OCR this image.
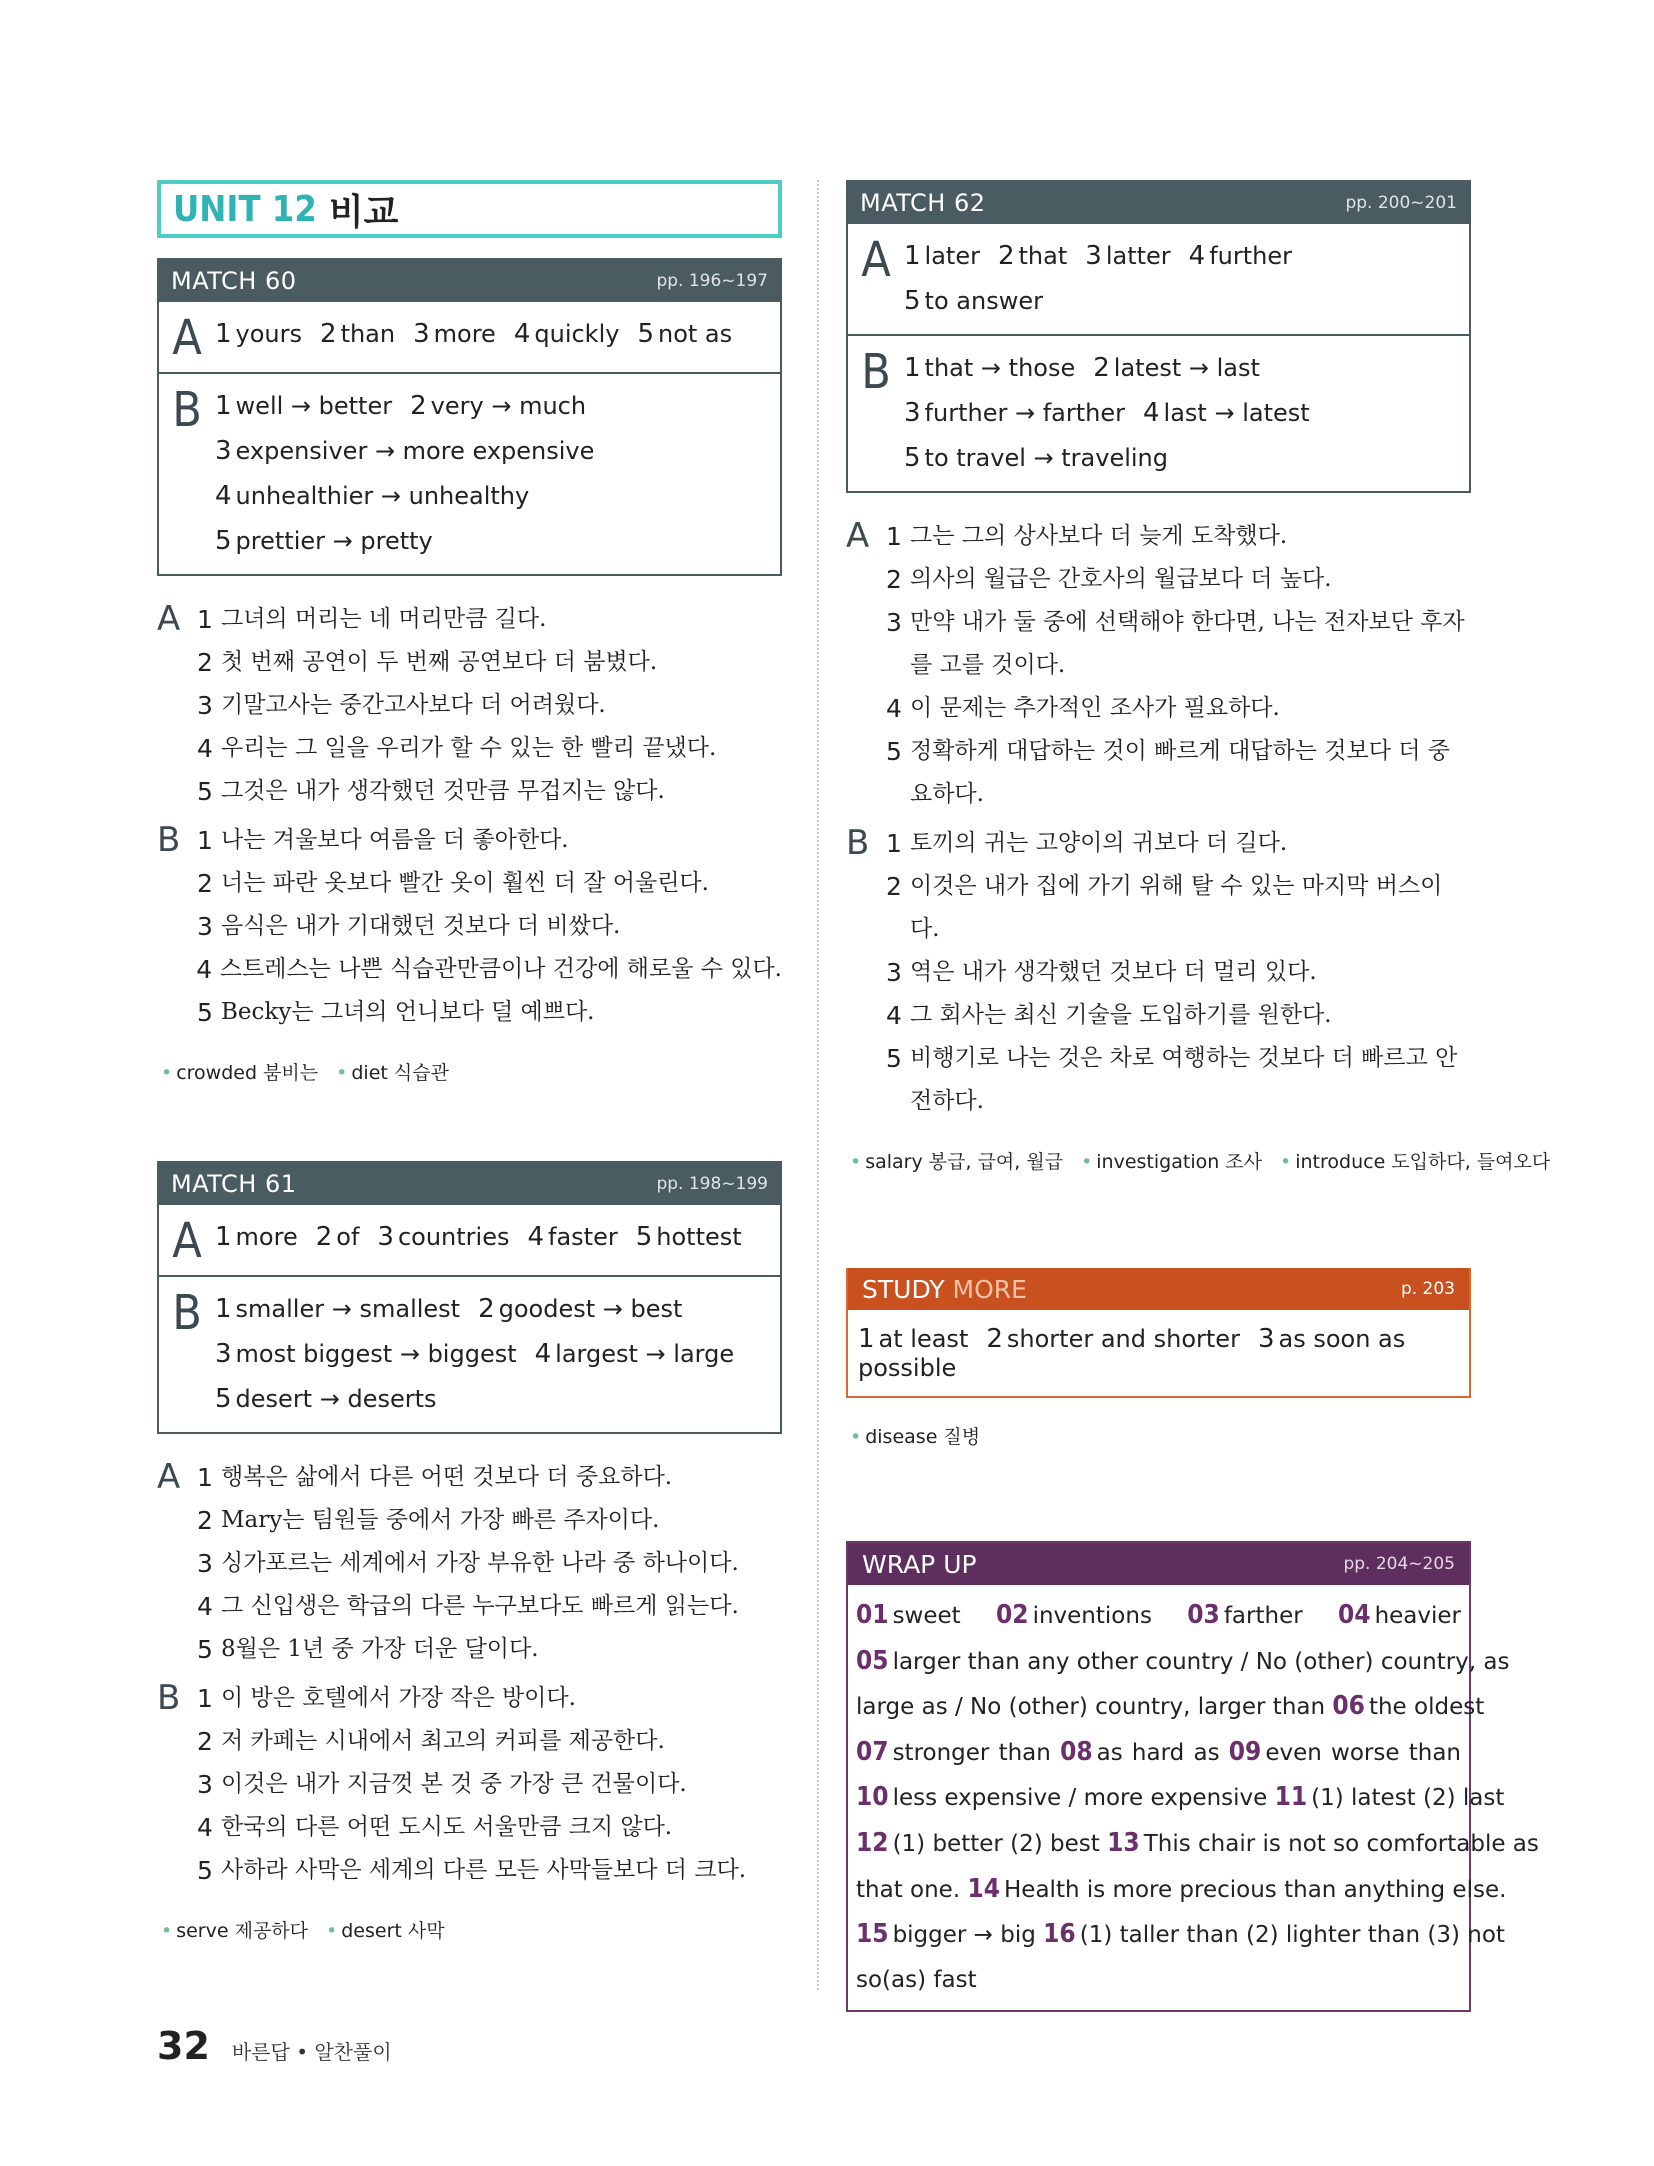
UNIT 12 비교
MATCH 60	pp. 196~197
A 1 yours 2 than 3 more 4 quickly 5 not as
B 1 well → better 2 very → much
3 expensiver → more expensive
4 unhealthier → unhealthy
5 prettier → pretty
A 1 그녀의 머리는 네 머리만큼 길다.
2 첫 번째 공연이 두 번째 공연보다 더 붐볐다.
3 기말고사는 중간고사보다 더 어려웠다.
4 우리는 그 일을 우리가 할 수 있는 한 빨리 끝냈다.
5 그것은 내가 생각했던 것만큼 무겁지는 않다.
B 1 나는 겨울보다 여름을 더 좋아한다.
2 너는 파란 옷보다 빨간 옷이 훨씬 더 잘 어울린다.
3 음식은 내가 기대했던 것보다 더 비쌌다.
4 스트레스는 나쁜 식습관만큼이나 건강에 해로울 수 있다.
5 Becky는 그녀의 언니보다 덜 예쁘다.
• crowded 붐비는 • diet 식습관
MATCH 61	pp. 198~199
A 1 more 2 of 3 countries 4 faster 5 hottest
B 1 smaller → smallest 2 goodest → best
3 most biggest → biggest 4 largest → large
5 desert → deserts
A 1 행복은 삶에서 다른 어떤 것보다 더 중요하다.
2 Mary는 팀원들 중에서 가장 빠른 주자이다.
3 싱가포르는 세계에서 가장 부유한 나라 중 하나이다.
4 그 신입생은 학급의 다른 누구보다도 빠르게 읽는다.
5 8월은 1년 중 가장 더운 달이다.
B 1 이 방은 호텔에서 가장 작은 방이다.
2 저 카페는 시내에서 최고의 커피를 제공한다.
3 이것은 내가 지금껏 본 것 중 가장 큰 건물이다.
4 한국의 다른 어떤 도시도 서울만큼 크지 않다.
5 사하라 사막은 세계의 다른 모든 사막들보다 더 크다.
• serve 제공하다 • desert 사막
MATCH 62	pp. 200~201
A 1 later 2 that 3 latter 4 further
5 to answer
B 1 that → those 2 latest → last
3 further → farther 4 last → latest
5 to travel → traveling
A 1 그는 그의 상사보다 더 늦게 도착했다.
2 의사의 월급은 간호사의 월급보다 더 높다.
3 만약 내가 둘 중에 선택해야 한다면, 나는 전자보단 후자를 고를 것이다.
4 이 문제는 추가적인 조사가 필요하다.
5 정확하게 대답하는 것이 빠르게 대답하는 것보다 더 중요하다.
B 1 토끼의 귀는 고양이의 귀보다 더 길다.
2 이것은 내가 집에 가기 위해 탈 수 있는 마지막 버스이다.
3 역은 내가 생각했던 것보다 더 멀리 있다.
4 그 회사는 최신 기술을 도입하기를 원한다.
5 비행기로 나는 것은 차로 여행하는 것보다 더 빠르고 안전하다.
• salary 봉급, 급여, 월급 • investigation 조사 • introduce 도입하다, 들여오다
STUDY MORE	p. 203
1 at least 2 shorter and shorter 3 as soon as possible
• disease 질병
WRAP UP	pp. 204~205
01 sweet 02 inventions 03 farther 04 heavier
05 larger than any other country / No (other) country, as
large as / No (other) country, larger than 06 the oldest
07 stronger than 08 as hard as 09 even worse than
10 less expensive / more expensive 11 (1) latest (2) last
12 (1) better (2) best 13 This chair is not so comfortable as
that one. 14 Health is more precious than anything else.
15 bigger → big 16 (1) taller than (2) lighter than (3) not
so(as) fast
32 바른답 • 알찬풀이
